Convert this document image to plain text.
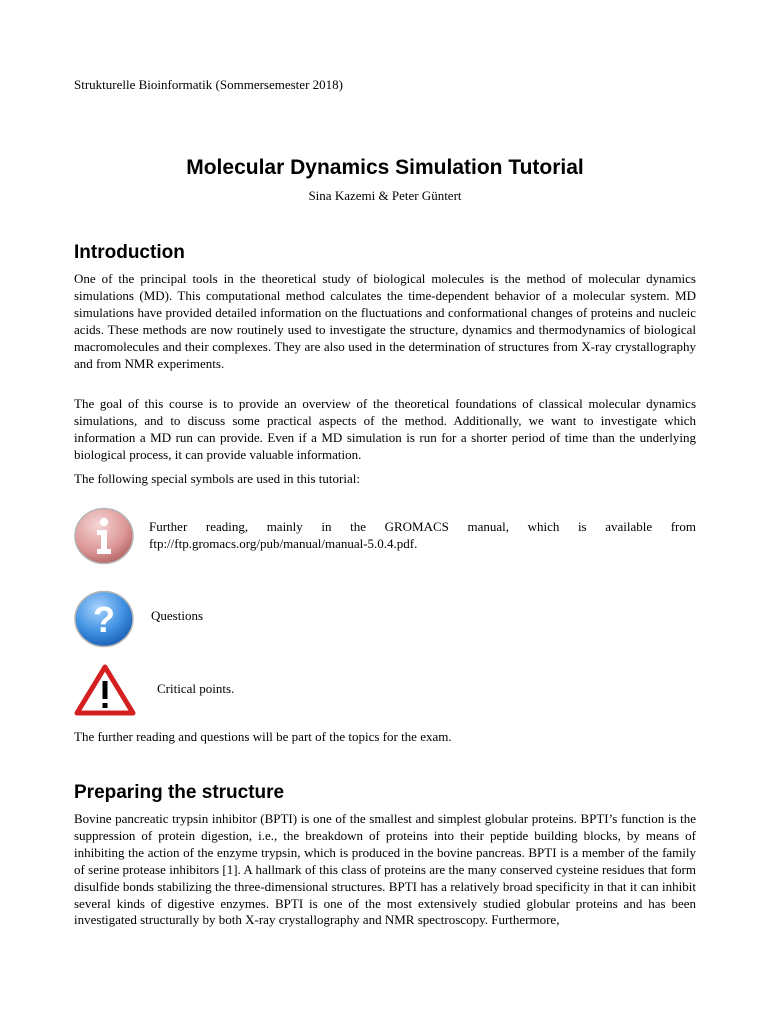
Strukturelle Bioinformatik (Sommersemester 2018)
Molecular Dynamics Simulation Tutorial
Sina Kazemi & Peter Güntert
Introduction

One of the principal tools in the theoretical study of biological molecules is the method of molecular dynamics simulations (MD). This computational method calculates the time-dependent behavior of a molecular system. MD simulations have provided detailed information on the fluctuations and conformational changes of proteins and nucleic acids. These methods are now routinely used to investigate the structure, dynamics and thermodynamics of biological macromolecules and their complexes. They are also used in the determination of structures from X-ray crystallography and from NMR experiments.

The goal of this course is to provide an overview of the theoretical foundations of classical molecular dynamics simulations, and to discuss some practical aspects of the method. Additionally, we want to investigate which information a MD run can provide. Even if a MD simulation is run for a shorter period of time than the underlying biological process, it can provide valuable information.

The following special symbols are used in this tutorial:

Further reading, mainly in the GROMACS manual, which is available from ftp://ftp.gromacs.org/pub/manual/manual-5.0.4.pdf.
?	Questions
Critical points.

The further reading and questions will be part of the topics for the exam.

Preparing the structure

Bovine pancreatic trypsin inhibitor (BPTI) is one of the smallest and simplest globular proteins. BPTI’s function is the suppression of protein digestion, i.e., the breakdown of proteins into their peptide building blocks, by means of inhibiting the action of the enzyme trypsin, which is produced in the bovine pancreas. BPTI is a member of the family of serine protease inhibitors [1]. A hallmark of this class of proteins are the many conserved cysteine residues that form disulfide bonds stabilizing the three-dimensional structures. BPTI has a relatively broad specificity in that it can inhibit several kinds of digestive enzymes. BPTI is one of the most extensively studied globular proteins and has been investigated structurally by both X-ray crystallography and NMR spectroscopy. Furthermore,
